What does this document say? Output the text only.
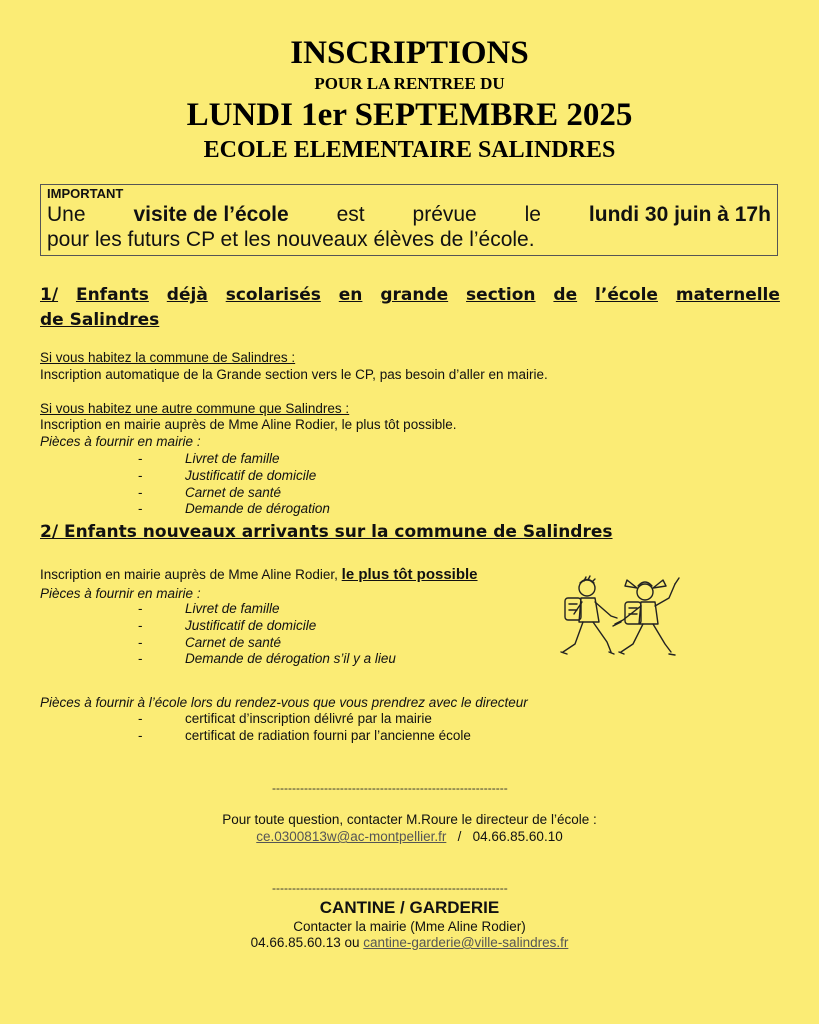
INSCRIPTIONS
POUR LA RENTREE DU
LUNDI 1er SEPTEMBRE 2025
ECOLE ELEMENTAIRE SALINDRES
IMPORTANT
Une visite de l’école est prévue le lundi 30 juin à 17h
pour les futurs CP et les nouveaux élèves de l’école.
1/ Enfants déjà scolarisés en grande section de l’école maternelle
de Salindres
Si vous habitez la commune de Salindres :
Inscription automatique de la Grande section vers le CP, pas besoin d’aller en mairie.
Si vous habitez une autre commune que Salindres :
Inscription en mairie auprès de Mme Aline Rodier, le plus tôt possible.
Pièces à fournir en mairie :
-	Livret de famille
-	Justificatif de domicile
-	Carnet de santé
-	Demande de dérogation
2/ Enfants nouveaux arrivants sur la commune de Salindres
Inscription en mairie auprès de Mme Aline Rodier, le plus tôt possible
Pièces à fournir en mairie :
-	Livret de famille
-	Justificatif de domicile
-	Carnet de santé
-	Demande de dérogation s’il y a lieu
Pièces à fournir à l’école lors du rendez-vous que vous prendrez avec le directeur
-	certificat d’inscription délivré par la mairie
-	certificat de radiation fourni par l’ancienne école
-----------------------------------------------------------
Pour toute question, contacter M.Roure le directeur de l’école :
ce.0300813w@ac-montpellier.fr / 04.66.85.60.10
-----------------------------------------------------------
CANTINE / GARDERIE
Contacter la mairie (Mme Aline Rodier)
04.66.85.60.13 ou cantine-garderie@ville-salindres.fr
